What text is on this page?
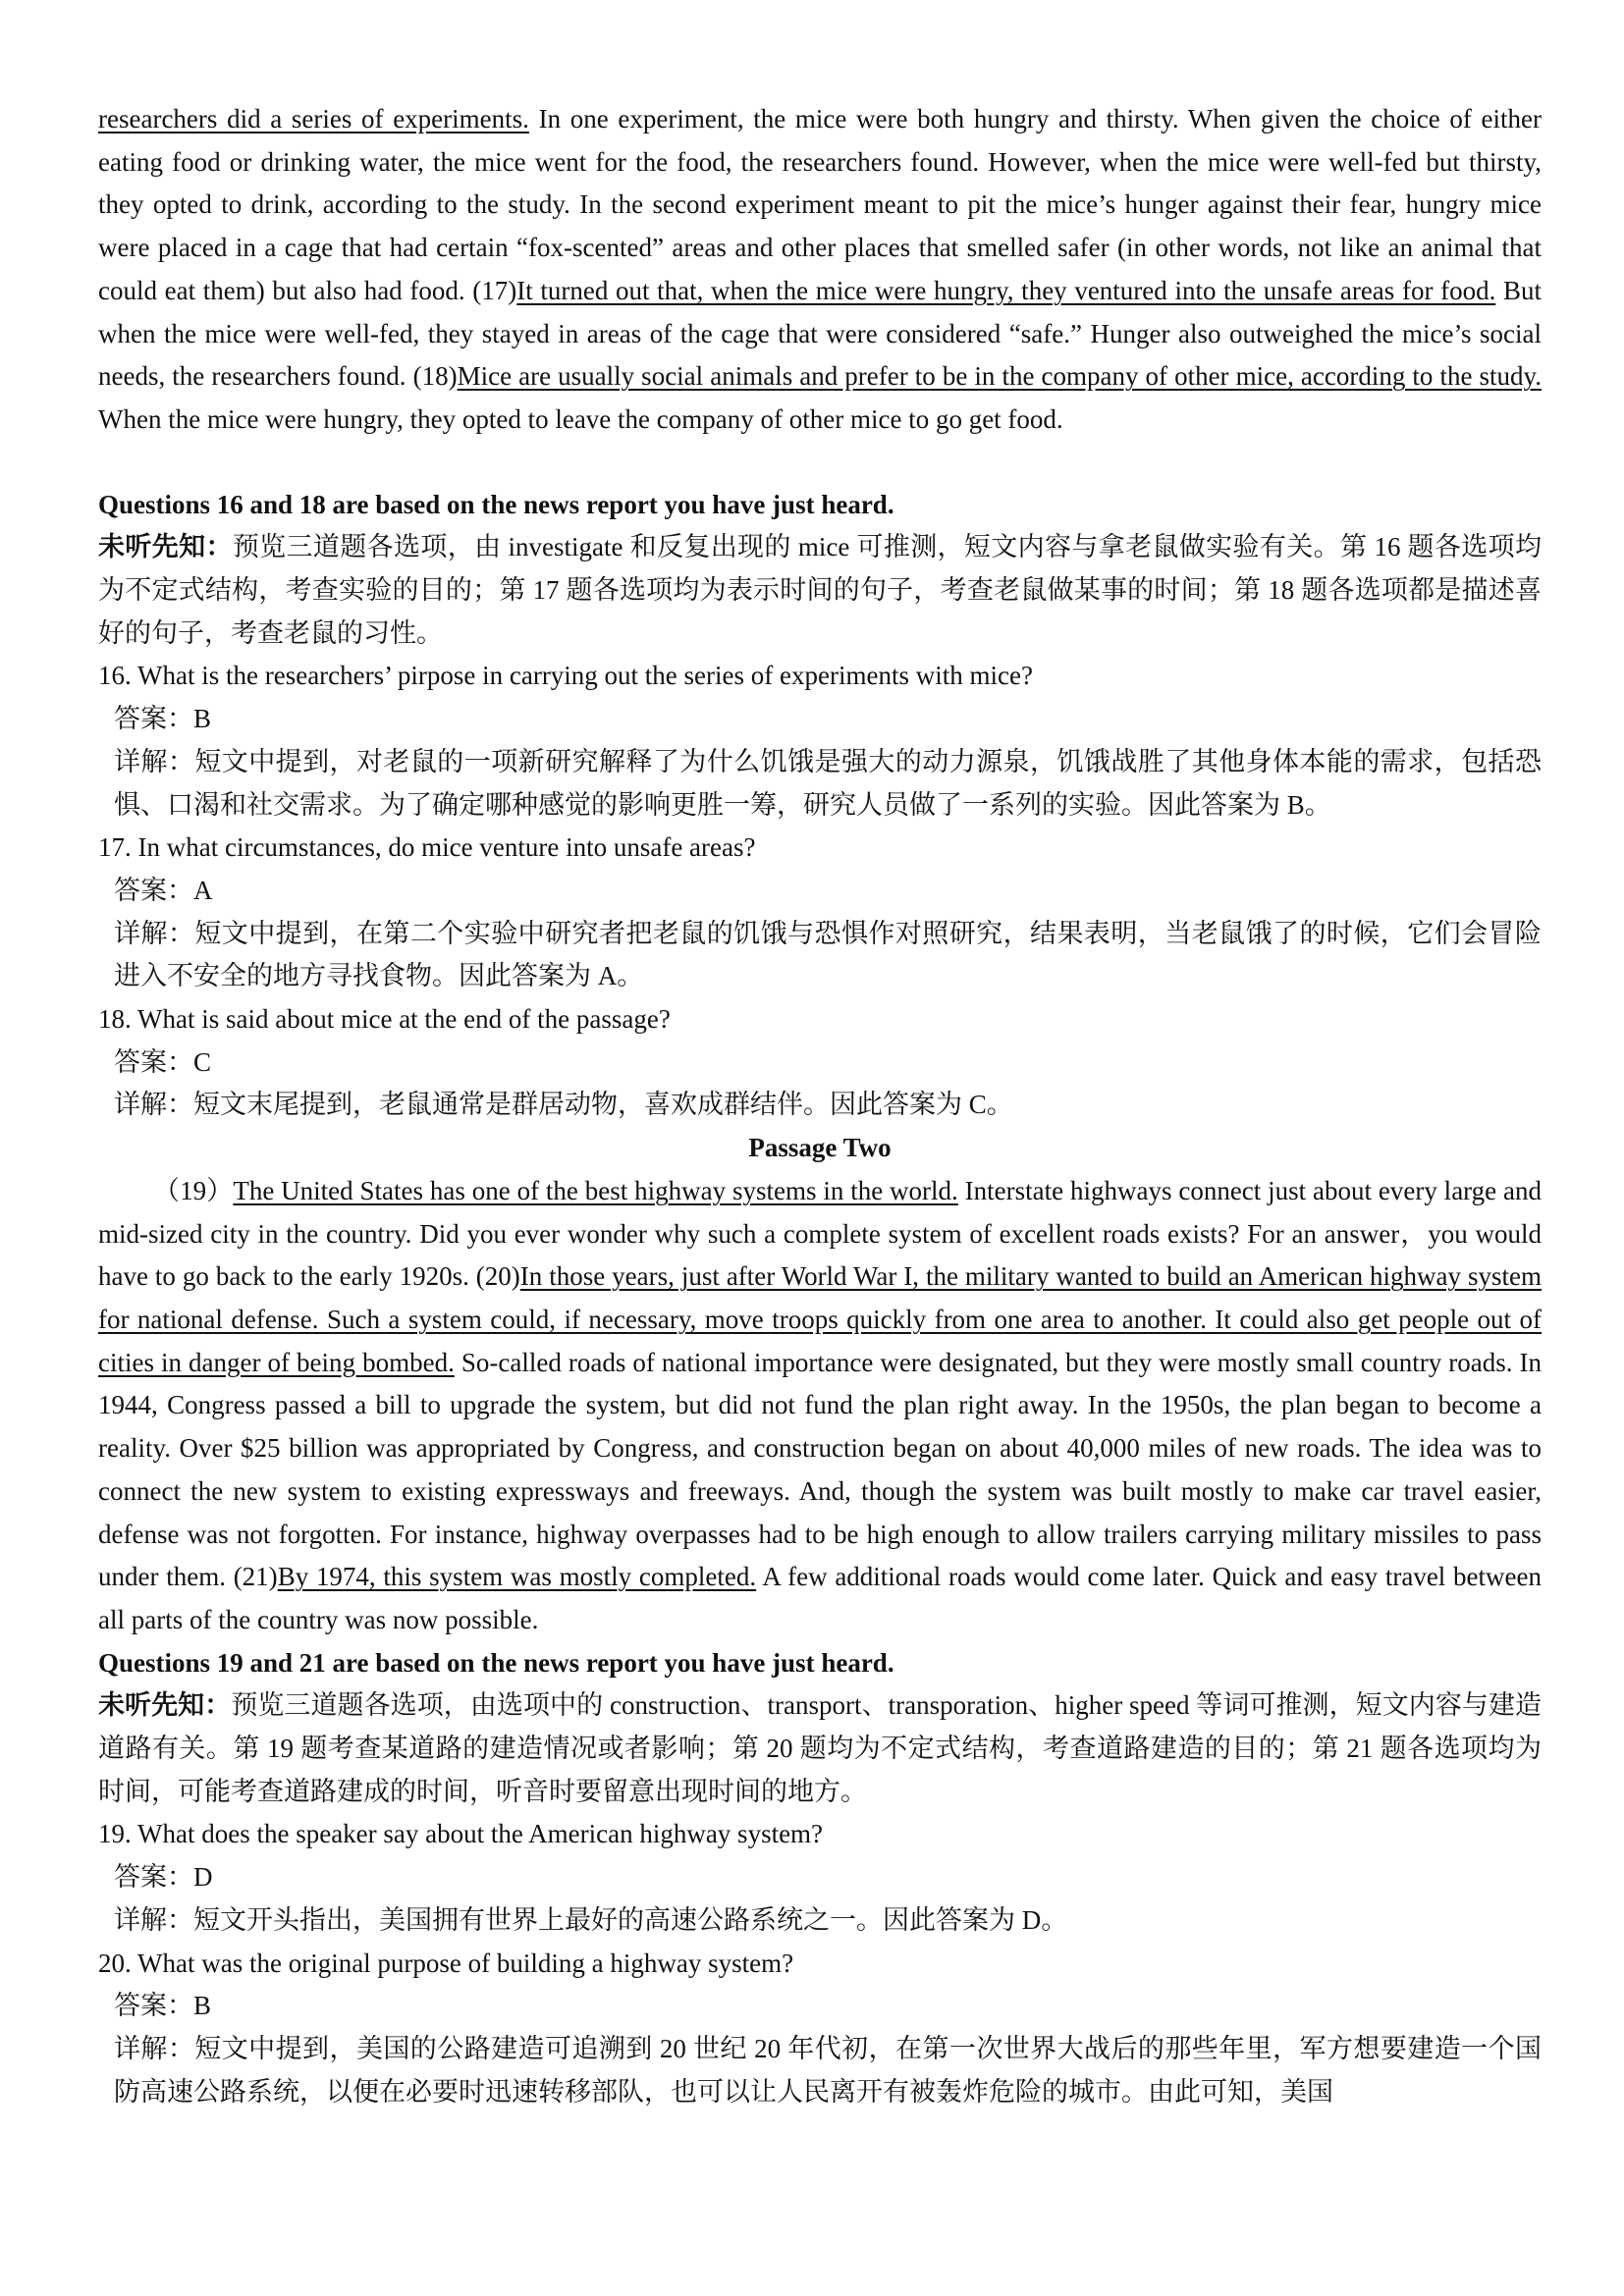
researchers did a series of experiments. In one experiment, the mice were both hungry and thirsty. When given the choice of either eating food or drinking water, the mice went for the food, the researchers found. However, when the mice were well-fed but thirsty, they opted to drink, according to the study. In the second experiment meant to pit the mice’s hunger against their fear, hungry mice were placed in a cage that had certain “fox-scented” areas and other places that smelled safer (in other words, not like an animal that could eat them) but also had food. (17)It turned out that, when the mice were hungry, they ventured into the unsafe areas for food. But when the mice were well-fed, they stayed in areas of the cage that were considered “safe.” Hunger also outweighed the mice’s social needs, the researchers found. (18)Mice are usually social animals and prefer to be in the company of other mice, according to the study. When the mice were hungry, they opted to leave the company of other mice to go get food.

Questions 16 and 18 are based on the news report you have just heard.

未听先知：预览三道题各选项，由 investigate 和反复出现的 mice 可推测，短文内容与拿老鼠做实验有关。第 16 题各选项均为不定式结构，考查实验的目的；第 17 题各选项均为表示时间的句子，考查老鼠做某事的时间；第 18 题各选项都是描述喜好的句子，考查老鼠的习性。

16. What is the researchers’ pirpose in carrying out the series of experiments with mice?

答案：B

详解：短文中提到，对老鼠的一项新研究解释了为什么饥饿是强大的动力源泉，饥饿战胜了其他身体本能的需求，包括恐惧、口渴和社交需求。为了确定哪种感觉的影响更胜一筹，研究人员做了一系列的实验。因此答案为 B。

17. In what circumstances, do mice venture into unsafe areas?

答案：A

详解：短文中提到，在第二个实验中研究者把老鼠的饥饿与恐惧作对照研究，结果表明，当老鼠饿了的时候，它们会冒险进入不安全的地方寻找食物。因此答案为 A。

18. What is said about mice at the end of the passage?

答案：C

详解：短文末尾提到，老鼠通常是群居动物，喜欢成群结伴。因此答案为 C。

Passage Two

（19）The United States has one of the best highway systems in the world. Interstate highways connect just about every large and mid-sized city in the country. Did you ever wonder why such a complete system of excellent roads exists? For an answer，you would have to go back to the early 1920s. (20)In those years, just after World War I, the military wanted to build an American highway system for national defense. Such a system could, if necessary, move troops quickly from one area to another. It could also get people out of cities in danger of being bombed. So-called roads of national importance were designated, but they were mostly small country roads. In 1944, Congress passed a bill to upgrade the system, but did not fund the plan right away. In the 1950s, the plan began to become a reality. Over $25 billion was appropriated by Congress, and construction began on about 40,000 miles of new roads. The idea was to connect the new system to existing expressways and freeways. And, though the system was built mostly to make car travel easier, defense was not forgotten. For instance, highway overpasses had to be high enough to allow trailers carrying military missiles to pass under them. (21)By 1974, this system was mostly completed. A few additional roads would come later. Quick and easy travel between all parts of the country was now possible.

Questions 19 and 21 are based on the news report you have just heard.

未听先知：预览三道题各选项，由选项中的 construction、transport、transporation、higher speed 等词可推测，短文内容与建造道路有关。第 19 题考查某道路的建造情况或者影响；第 20 题均为不定式结构，考查道路建造的目的；第 21 题各选项均为时间，可能考查道路建成的时间，听音时要留意出现时间的地方。

19. What does the speaker say about the American highway system?

答案：D

详解：短文开头指出，美国拥有世界上最好的高速公路系统之一。因此答案为 D。

20. What was the original purpose of building a highway system?

答案：B

详解：短文中提到，美国的公路建造可追溯到 20 世纪 20 年代初，在第一次世界大战后的那些年里，军方想要建造一个国防高速公路系统，以便在必要时迅速转移部队，也可以让人民离开有被轰炸危险的城市。由此可知，美国
